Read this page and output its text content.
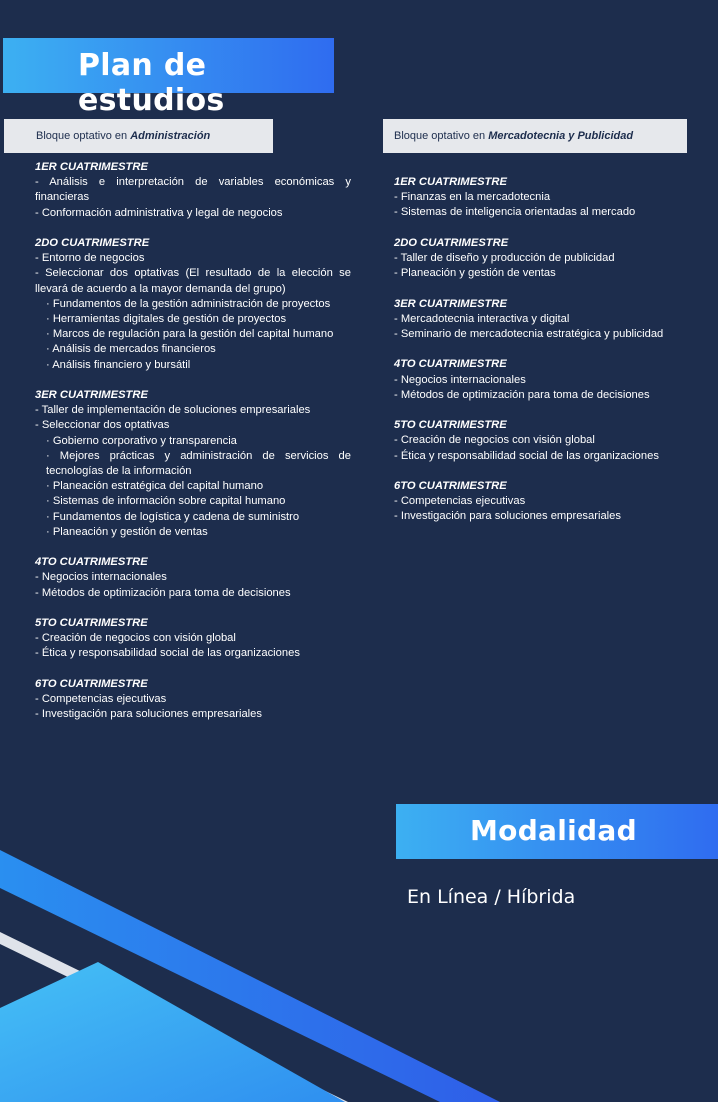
Plan de estudios
Bloque optativo en Administración	Bloque optativo en Mercadotecnia y Publicidad
1ER CUATRIMESTRE
- Análisis e interpretación de variables económicas y financieras
- Conformación administrativa y legal de negocios
2DO CUATRIMESTRE
- Entorno de negocios
- Seleccionar dos optativas (El resultado de la elección se llevará de acuerdo a la mayor demanda del grupo)
· Fundamentos de la gestión administración de proyectos
· Herramientas digitales de gestión de proyectos
· Marcos de regulación para la gestión del capital humano
· Análisis de mercados financieros
· Análisis financiero y bursátil
3ER CUATRIMESTRE
- Taller de implementación de soluciones empresariales
- Seleccionar dos optativas
· Gobierno corporativo y transparencia
· Mejores prácticas y administración de servicios de tecnologías de la información
· Planeación estratégica del capital humano
· Sistemas de información sobre capital humano
· Fundamentos de logística y cadena de suministro
· Planeación y gestión de ventas
4TO CUATRIMESTRE
- Negocios internacionales
- Métodos de optimización para toma de decisiones
5TO CUATRIMESTRE
- Creación de negocios con visión global
- Ética y responsabilidad social de las organizaciones
6TO CUATRIMESTRE
- Competencias ejecutivas
- Investigación para soluciones empresariales
1ER CUATRIMESTRE
- Finanzas en la mercadotecnia
- Sistemas de inteligencia orientadas al mercado
2DO CUATRIMESTRE
- Taller de diseño y producción de publicidad
- Planeación y gestión de ventas
3ER CUATRIMESTRE
- Mercadotecnia interactiva y digital
- Seminario de mercadotecnia estratégica y publicidad
4TO CUATRIMESTRE
- Negocios internacionales
- Métodos de optimización para toma de decisiones
5TO CUATRIMESTRE
- Creación de negocios con visión global
- Ética y responsabilidad social de las organizaciones
6TO CUATRIMESTRE
- Competencias ejecutivas
- Investigación para soluciones empresariales
Modalidad
En Línea / Híbrida
